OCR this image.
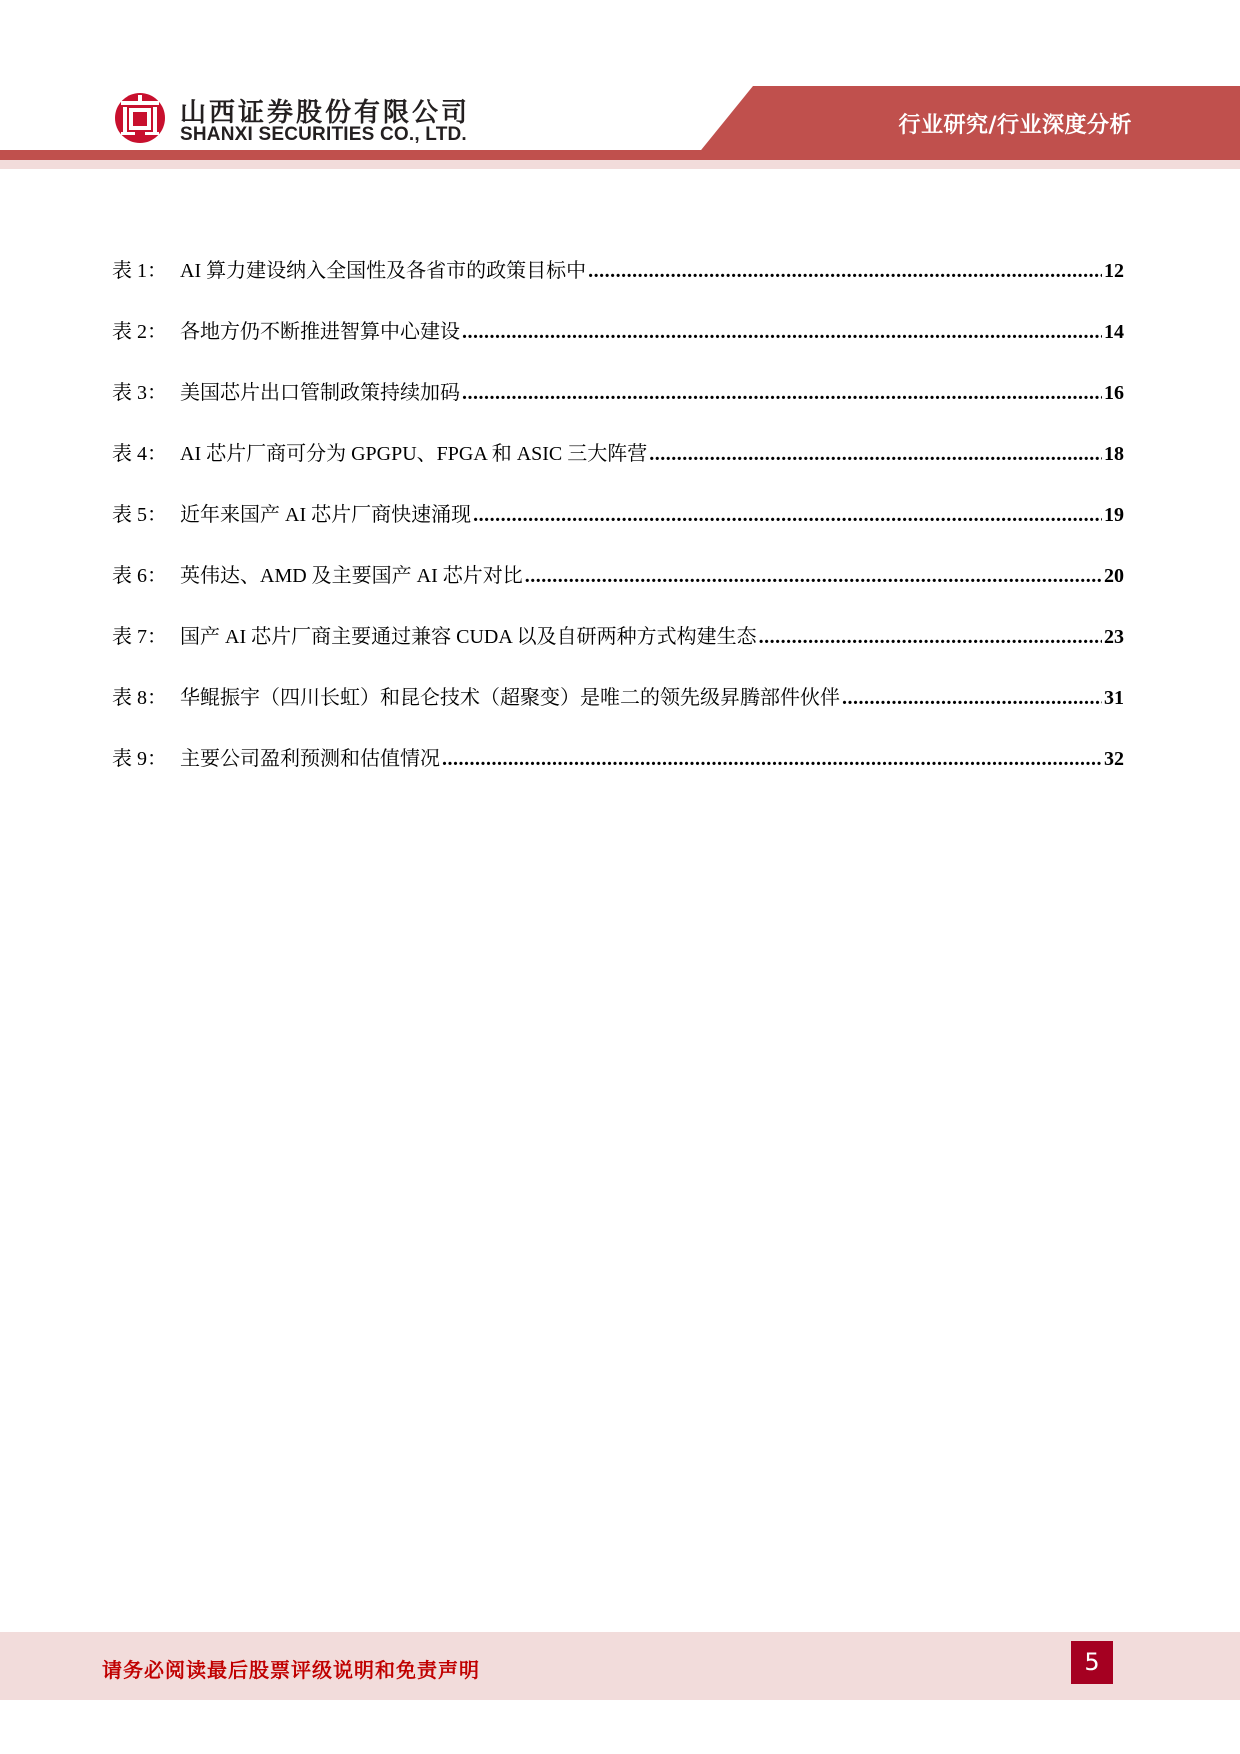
山西证券股份有限公司
SHANXI SECURITIES CO., LTD.	行业研究/行业深度分析
表 1： AI 算力建设纳入全国性及各省市的政策目标中 .....	12
表 2： 各地方仍不断推进智算中心建设 .....	14
表 3： 美国芯片出口管制政策持续加码 .....	16
表 4： AI 芯片厂商可分为 GPGPU、FPGA 和 ASIC 三大阵营 .....	18
表 5： 近年来国产 AI 芯片厂商快速涌现 .....	19
表 6： 英伟达、AMD 及主要国产 AI 芯片对比 .....	20
表 7： 国产 AI 芯片厂商主要通过兼容 CUDA 以及自研两种方式构建生态 .....	23
表 8： 华鲲振宇（四川长虹）和昆仑技术（超聚变）是唯二的领先级昇腾部件伙伴 .....	31
表 9： 主要公司盈利预测和估值情况 .....	32
请务必阅读最后股票评级说明和免责声明	5
